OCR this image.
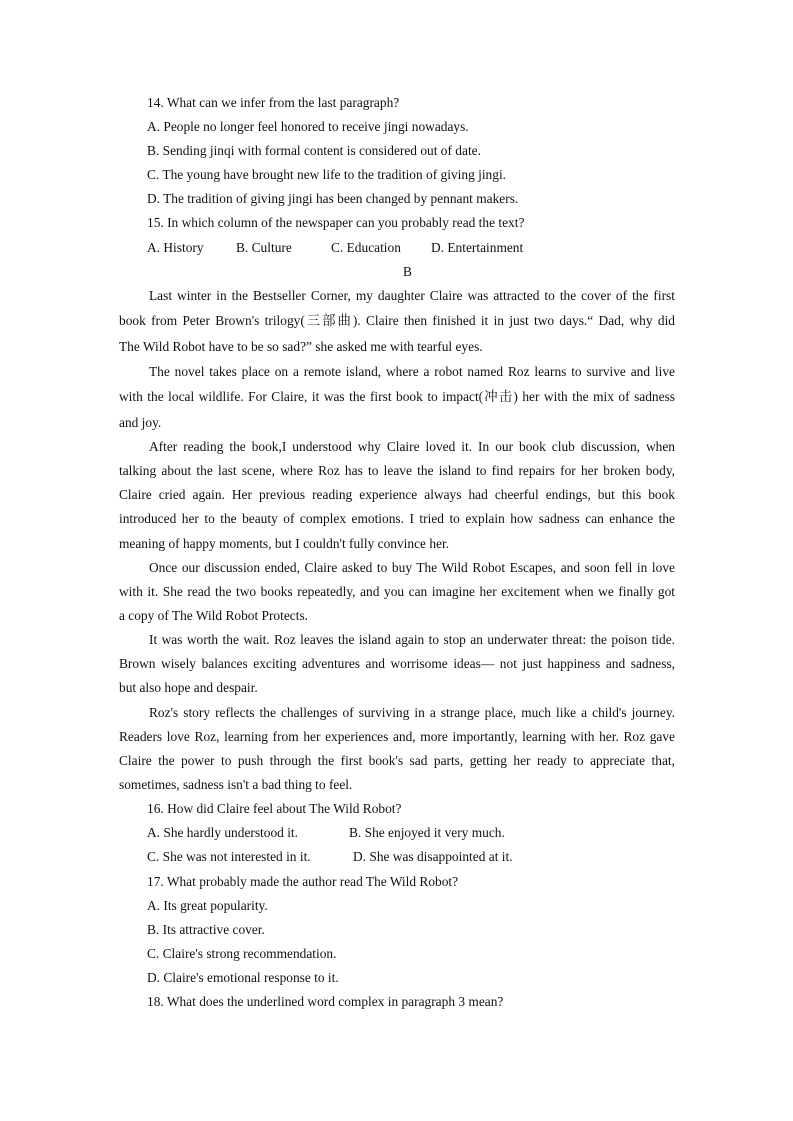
14. What can we infer from the last paragraph?
A. People no longer feel honored to receive jingi nowadays.
B. Sending jinqi with formal content is considered out of date.
C. The young have brought new life to the tradition of giving jingi.
D. The tradition of giving jingi has been changed by pennant makers.
15. In which column of the newspaper can you probably read the text?
A. History B. Culture	C. Education D. Entertainment
B
Last winter in the Bestseller Corner, my daughter Claire was attracted to the cover of the first
book from Peter Brown's trilogy(三部曲). Claire then finished it in just two days.“ Dad, why did
The Wild Robot have to be so sad?” she asked me with tearful eyes.
The novel takes place on a remote island, where a robot named Roz learns to survive and live
with the local wildlife. For Claire, it was the first book to impact(冲击) her with the mix of sadness
and joy.
After reading the book,I understood why Claire loved it. In our book club discussion, when
talking about the last scene, where Roz has to leave the island to find repairs for her broken body,
Claire cried again. Her previous reading experience always had cheerful endings, but this book
introduced her to the beauty of complex emotions. I tried to explain how sadness can enhance the
meaning of happy moments, but I couldn't fully convince her.
Once our discussion ended, Claire asked to buy The Wild Robot Escapes, and soon fell in love
with it. She read the two books repeatedly, and you can imagine her excitement when we finally got
a copy of The Wild Robot Protects.
It was worth the wait. Roz leaves the island again to stop an underwater threat: the poison tide.
Brown wisely balances exciting adventures and worrisome ideas— not just happiness and sadness,
but also hope and despair.
Roz's story reflects the challenges of surviving in a strange place, much like a child's journey.
Readers love Roz, learning from her experiences and, more importantly, learning with her. Roz gave
Claire the power to push through the first book's sad parts, getting her ready to appreciate that,
sometimes, sadness isn't a bad thing to feel.
16. How did Claire feel about The Wild Robot?
A. She hardly understood it.	B. She enjoyed it very much.
C. She was not interested in it.	D. She was disappointed at it.
17. What probably made the author read The Wild Robot?
A. Its great popularity.
B. Its attractive cover.
C. Claire's strong recommendation.
D. Claire's emotional response to it.
18. What does the underlined word complex in paragraph 3 mean?
